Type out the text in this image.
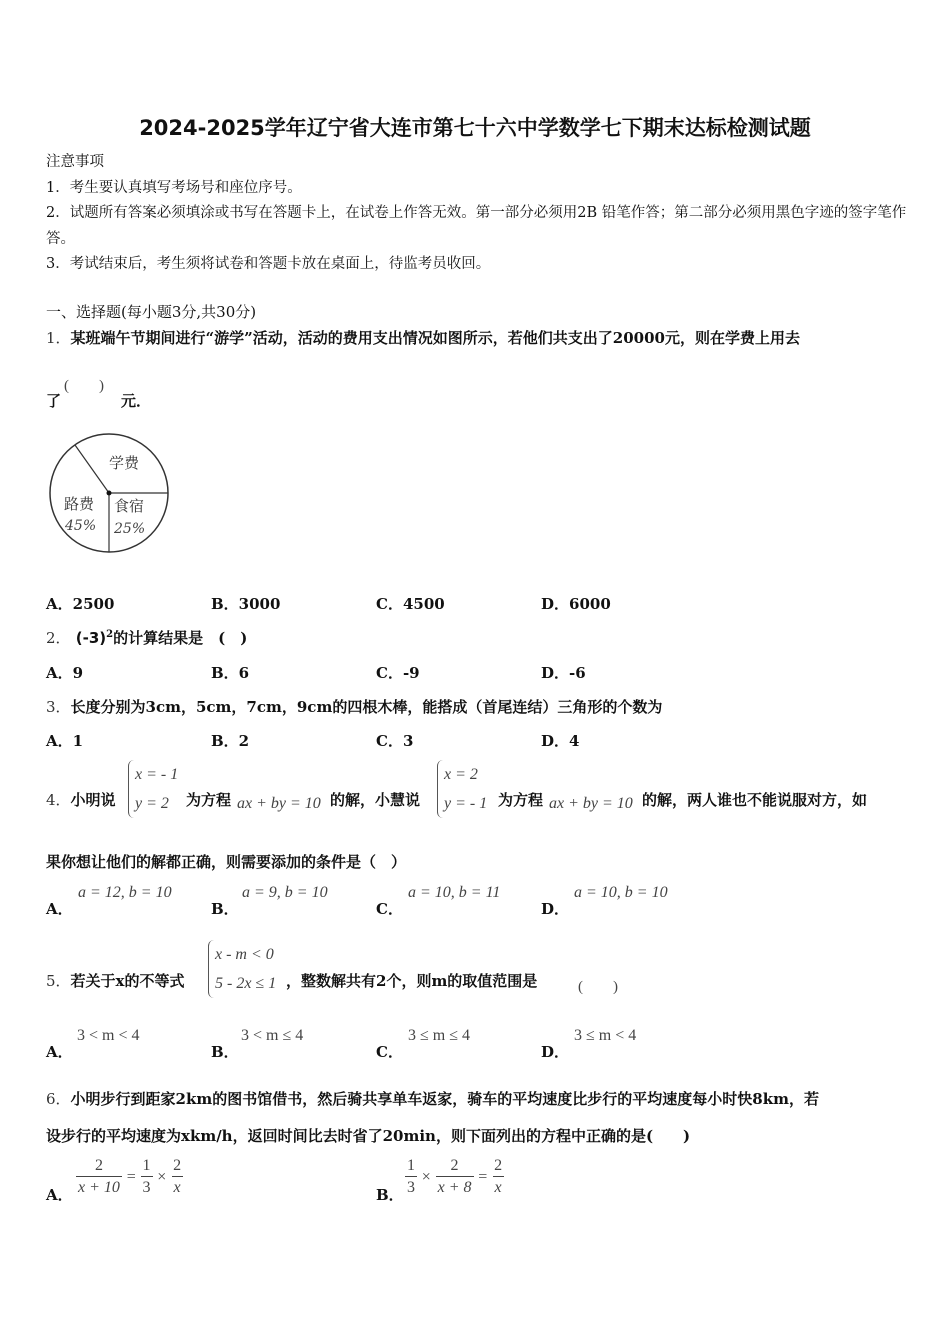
2024-2025学年辽宁省大连市第七十六中学数学七下期末达标检测试题

注意事项

1．考生要认真填写考场号和座位序号。

2．试题所有答案必须填涂或书写在答题卡上，在试卷上作答无效。第一部分必须用2B 铅笔作答；第二部分必须用黑色字迹的签字笔作答。

3．考试结束后，考生须将试卷和答题卡放在桌面上，待监考员收回。

一、选择题(每小题3分,共30分)
1．某班端午节期间进行“游学”活动，活动的费用支出情况如图所示，若他们共支出了20000元，则在学费上用去
了
(　　)
元．
学费
路费
45%
食宿
25%
A．2500	B．3000	C．4500	D．6000
2． $(-3)^2$的计算结果是　(　)
A．9	B．6	C．-9	D．-6
3．长度分别为3cm，5cm，7cm，9cm的四根木棒，能搭成（首尾连结）三角形的个数为
A．1	B．2	C．3	D．4
4．小明说
x = - 1
y = 2	为方程 ax + by = 10 的解，小慧说
x = 2
y = - 1 为方程 ax + by = 10 的解，两人谁也不能说服对方，如
果你想让他们的解都正确，则需要添加的条件是（　）
A．
a = 12, b = 10
B．
a = 9, b = 10
C．
a = 10, b = 11
D．
a = 10, b = 10
5．若关于x的不等式
x - m < 0
5 - 2x ≤ 1 ，整数解共有2个，则m的取值范围是	(　　)
A．
3 < m < 4
B．
3 < m ≤ 4
C．
3 ≤ m ≤ 4
D．
3 ≤ m < 4
6．小明步行到距家2km的图书馆借书，然后骑共享单车返家，骑车的平均速度比步行的平均速度每小时快8km，若
设步行的平均速度为xkm/h，返回时间比去时省了20min，则下面列出的方程中正确的是(　　)
A． $\frac{2}{x + 10} = \frac{1}{3} \times \frac{2}{x}$	B． $\frac{1}{3} \times \frac{2}{x + 8} = \frac{2}{x}$
